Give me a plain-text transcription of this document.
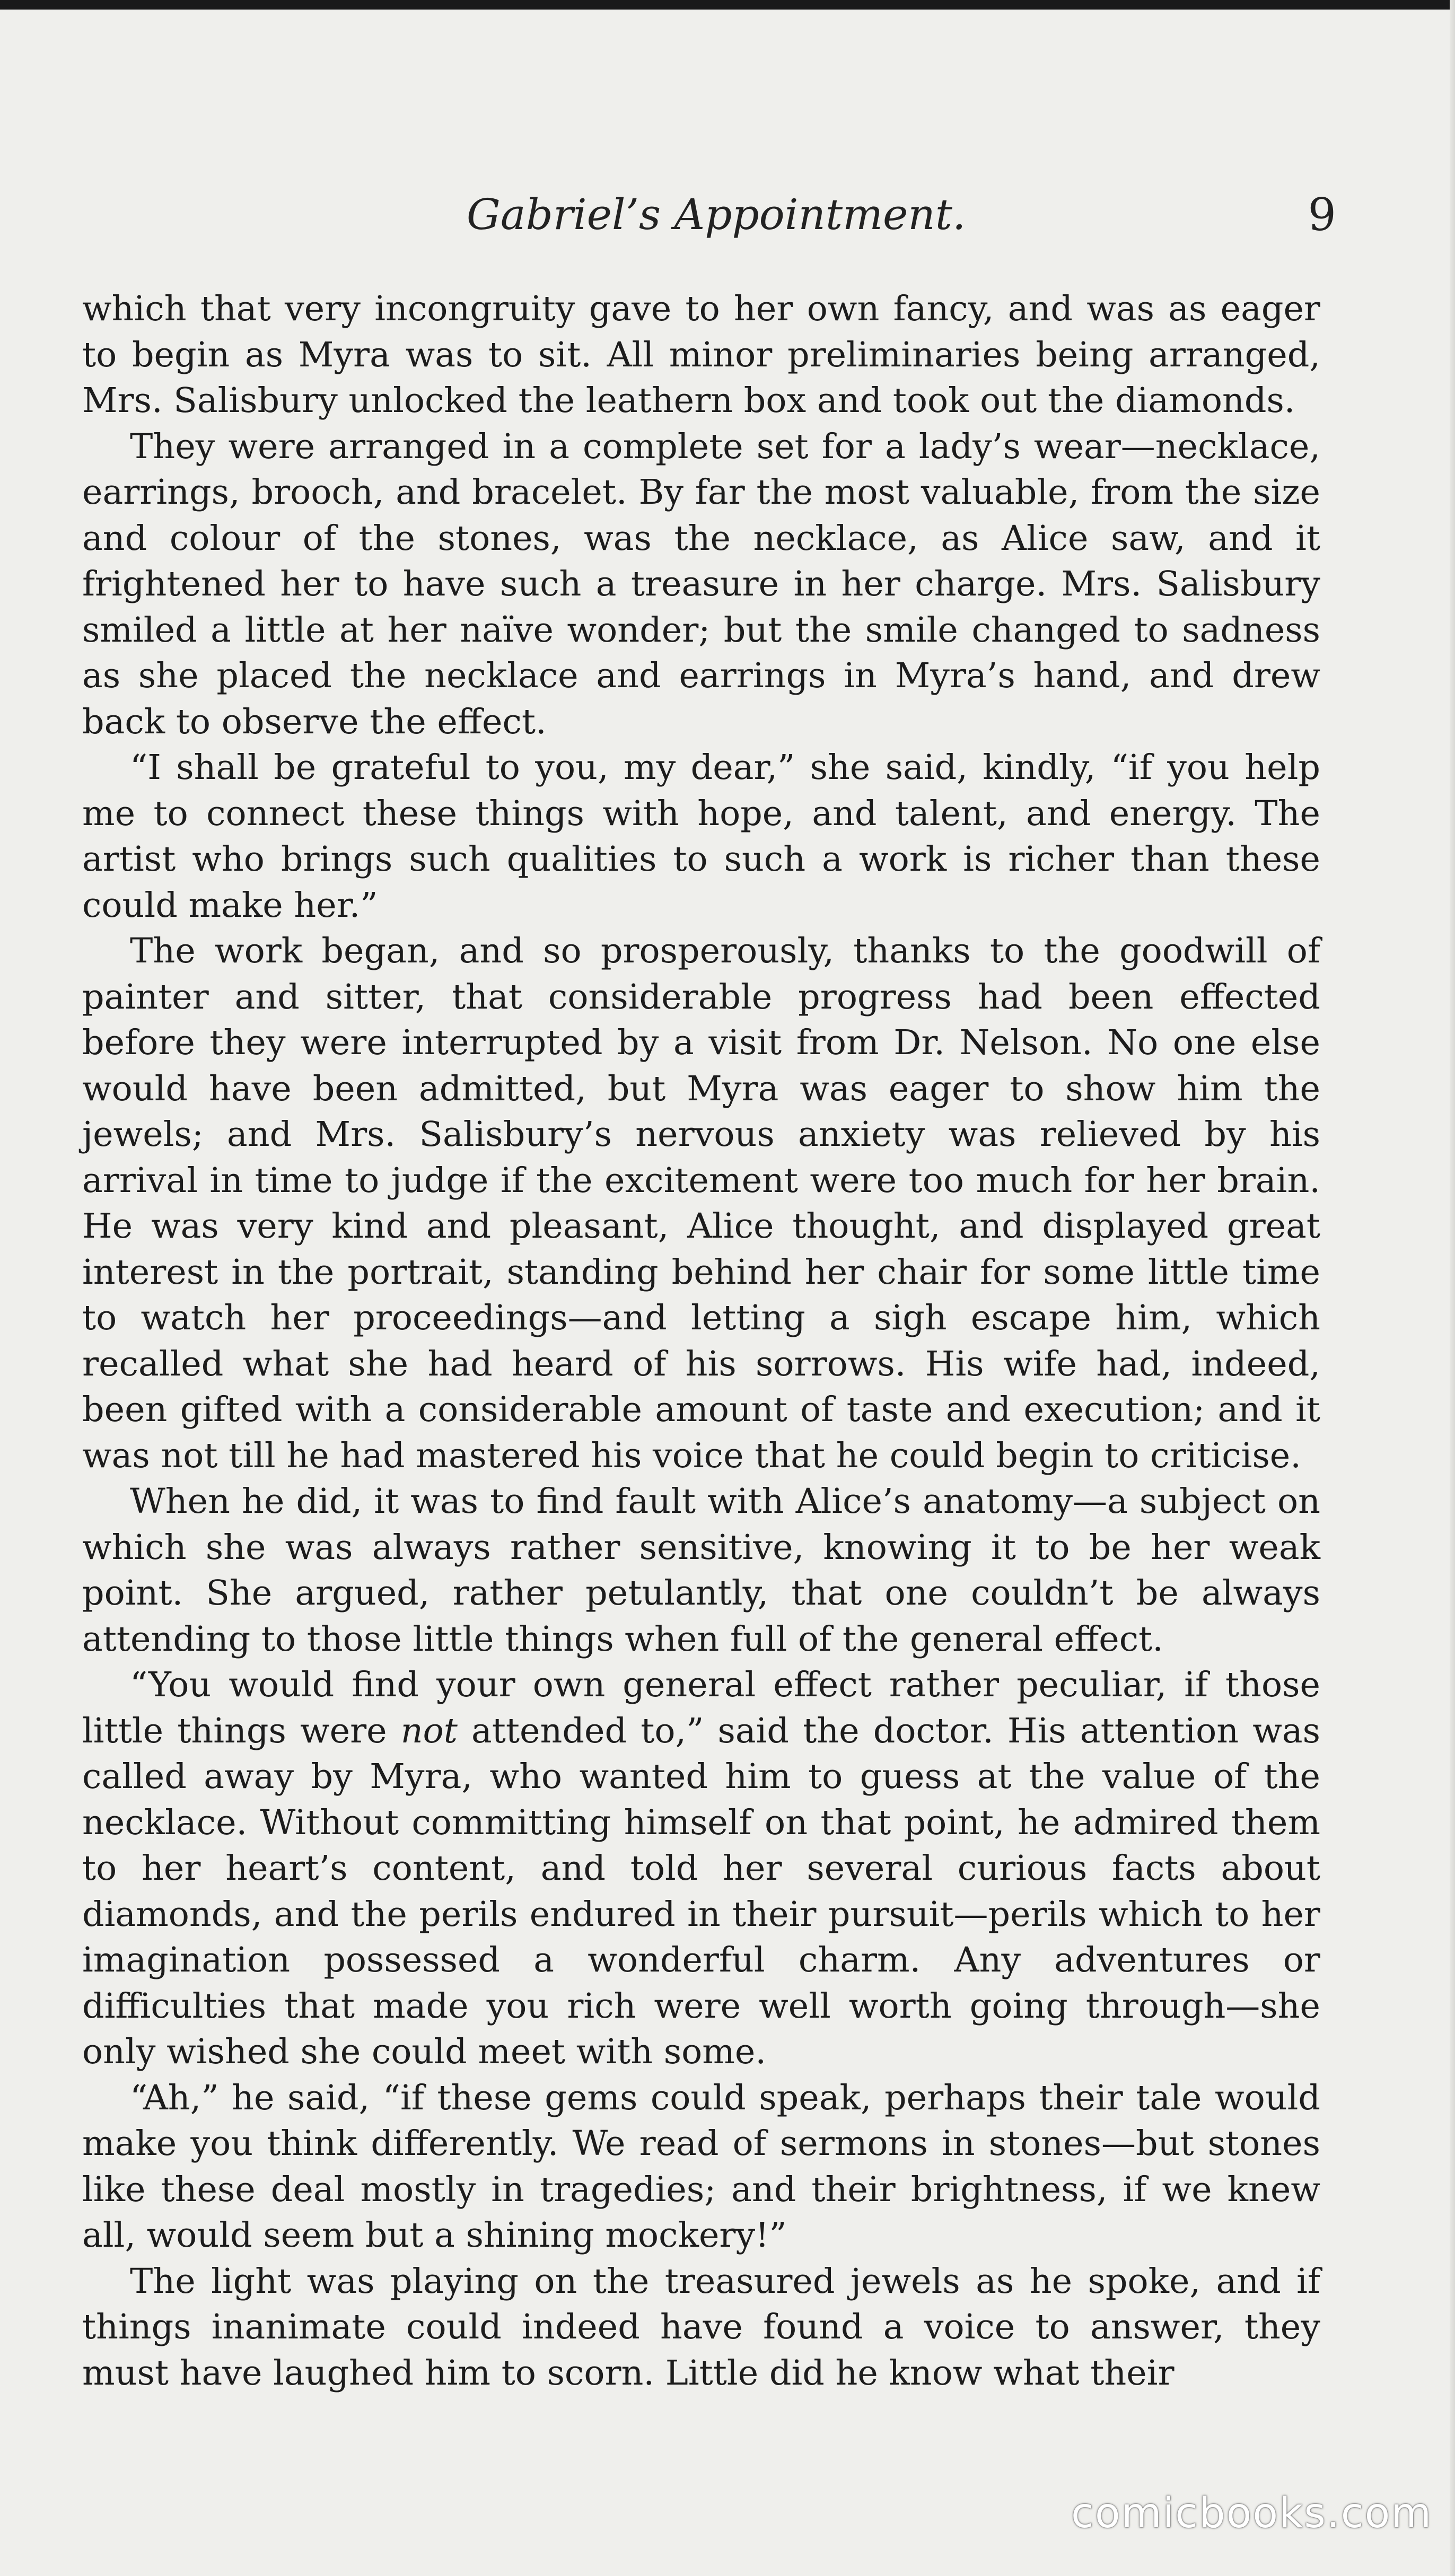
Gabriel’s Appointment.	9

which that very incongruity gave to her own fancy, and was as eager to begin as Myra was to sit. All minor preliminaries being arranged, Mrs. Salisbury unlocked the leathern box and took out the diamonds.

They were arranged in a complete set for a lady’s wear—necklace, earrings, brooch, and bracelet. By far the most valuable, from the size and colour of the stones, was the necklace, as Alice saw, and it frightened her to have such a treasure in her charge. Mrs. Salisbury smiled a little at her naïve wonder; but the smile changed to sadness as she placed the necklace and earrings in Myra’s hand, and drew back to observe the effect.

“I shall be grateful to you, my dear,” she said, kindly, “if you help me to connect these things with hope, and talent, and energy. The artist who brings such qualities to such a work is richer than these could make her.”

The work began, and so prosperously, thanks to the goodwill of painter and sitter, that considerable progress had been effected before they were interrupted by a visit from Dr. Nelson. No one else would have been admitted, but Myra was eager to show him the jewels; and Mrs. Salisbury’s nervous anxiety was relieved by his arrival in time to judge if the excitement were too much for her brain. He was very kind and pleasant, Alice thought, and displayed great interest in the portrait, standing behind her chair for some little time to watch her proceedings—and letting a sigh escape him, which recalled what she had heard of his sorrows. His wife had, indeed, been gifted with a considerable amount of taste and execution; and it was not till he had mastered his voice that he could begin to criticise.

When he did, it was to find fault with Alice’s anatomy—a subject on which she was always rather sensitive, knowing it to be her weak point. She argued, rather petulantly, that one couldn’t be always attending to those little things when full of the general effect.

“You would find your own general effect rather peculiar, if those little things were not attended to,” said the doctor. His attention was called away by Myra, who wanted him to guess at the value of the necklace. Without committing himself on that point, he admired them to her heart’s content, and told her several curious facts about diamonds, and the perils endured in their pursuit—perils which to her imagination possessed a wonderful charm. Any adventures or difficulties that made you rich were well worth going through—she only wished she could meet with some.

“Ah,” he said, “if these gems could speak, perhaps their tale would make you think differently. We read of sermons in stones—but stones like these deal mostly in tragedies; and their brightness, if we knew all, would seem but a shining mockery!”

The light was playing on the treasured jewels as he spoke, and if things inanimate could indeed have found a voice to answer, they must have laughed him to scorn. Little did he know what their

comicbooks.com
